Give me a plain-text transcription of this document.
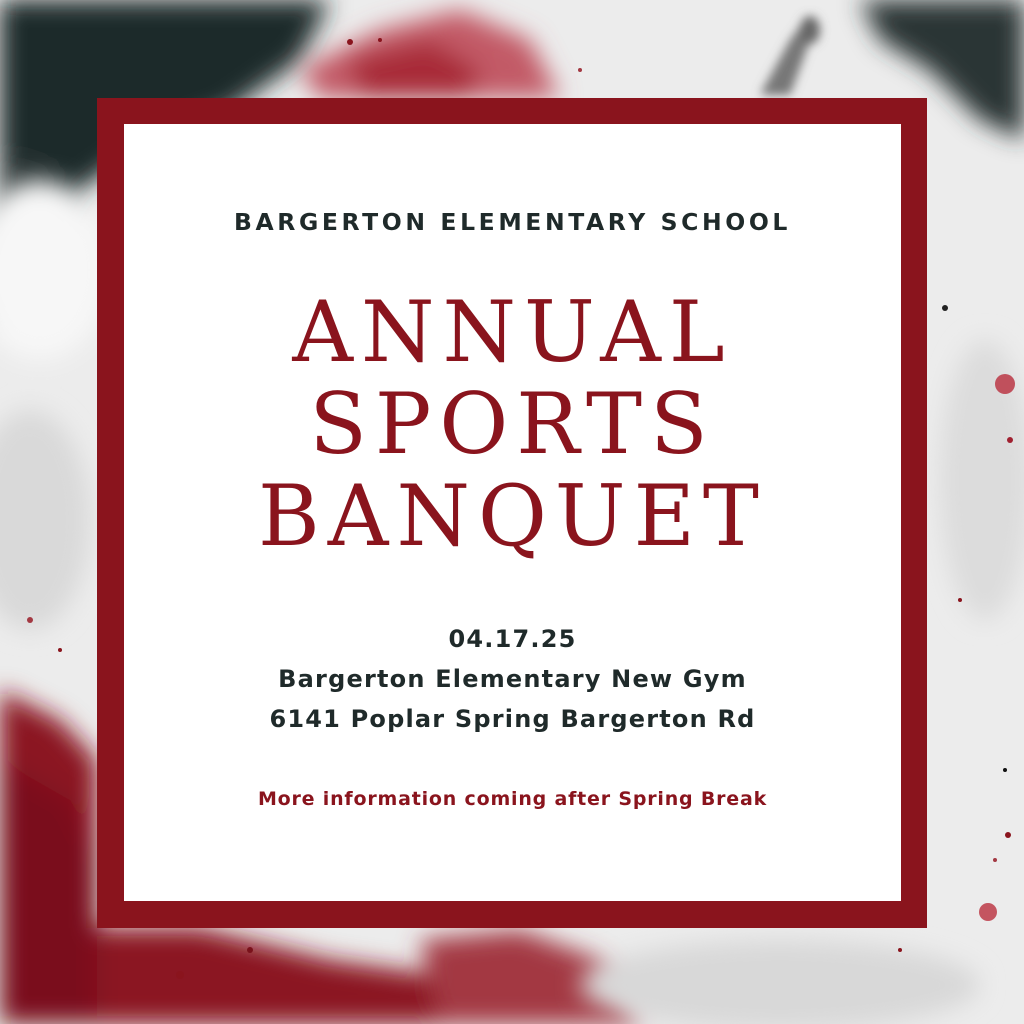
BARGERTON ELEMENTARY SCHOOL
ANNUAL
SPORTS
BANQUET
04.17.25
Bargerton Elementary New Gym
6141 Poplar Spring Bargerton Rd
More information coming after Spring Break
